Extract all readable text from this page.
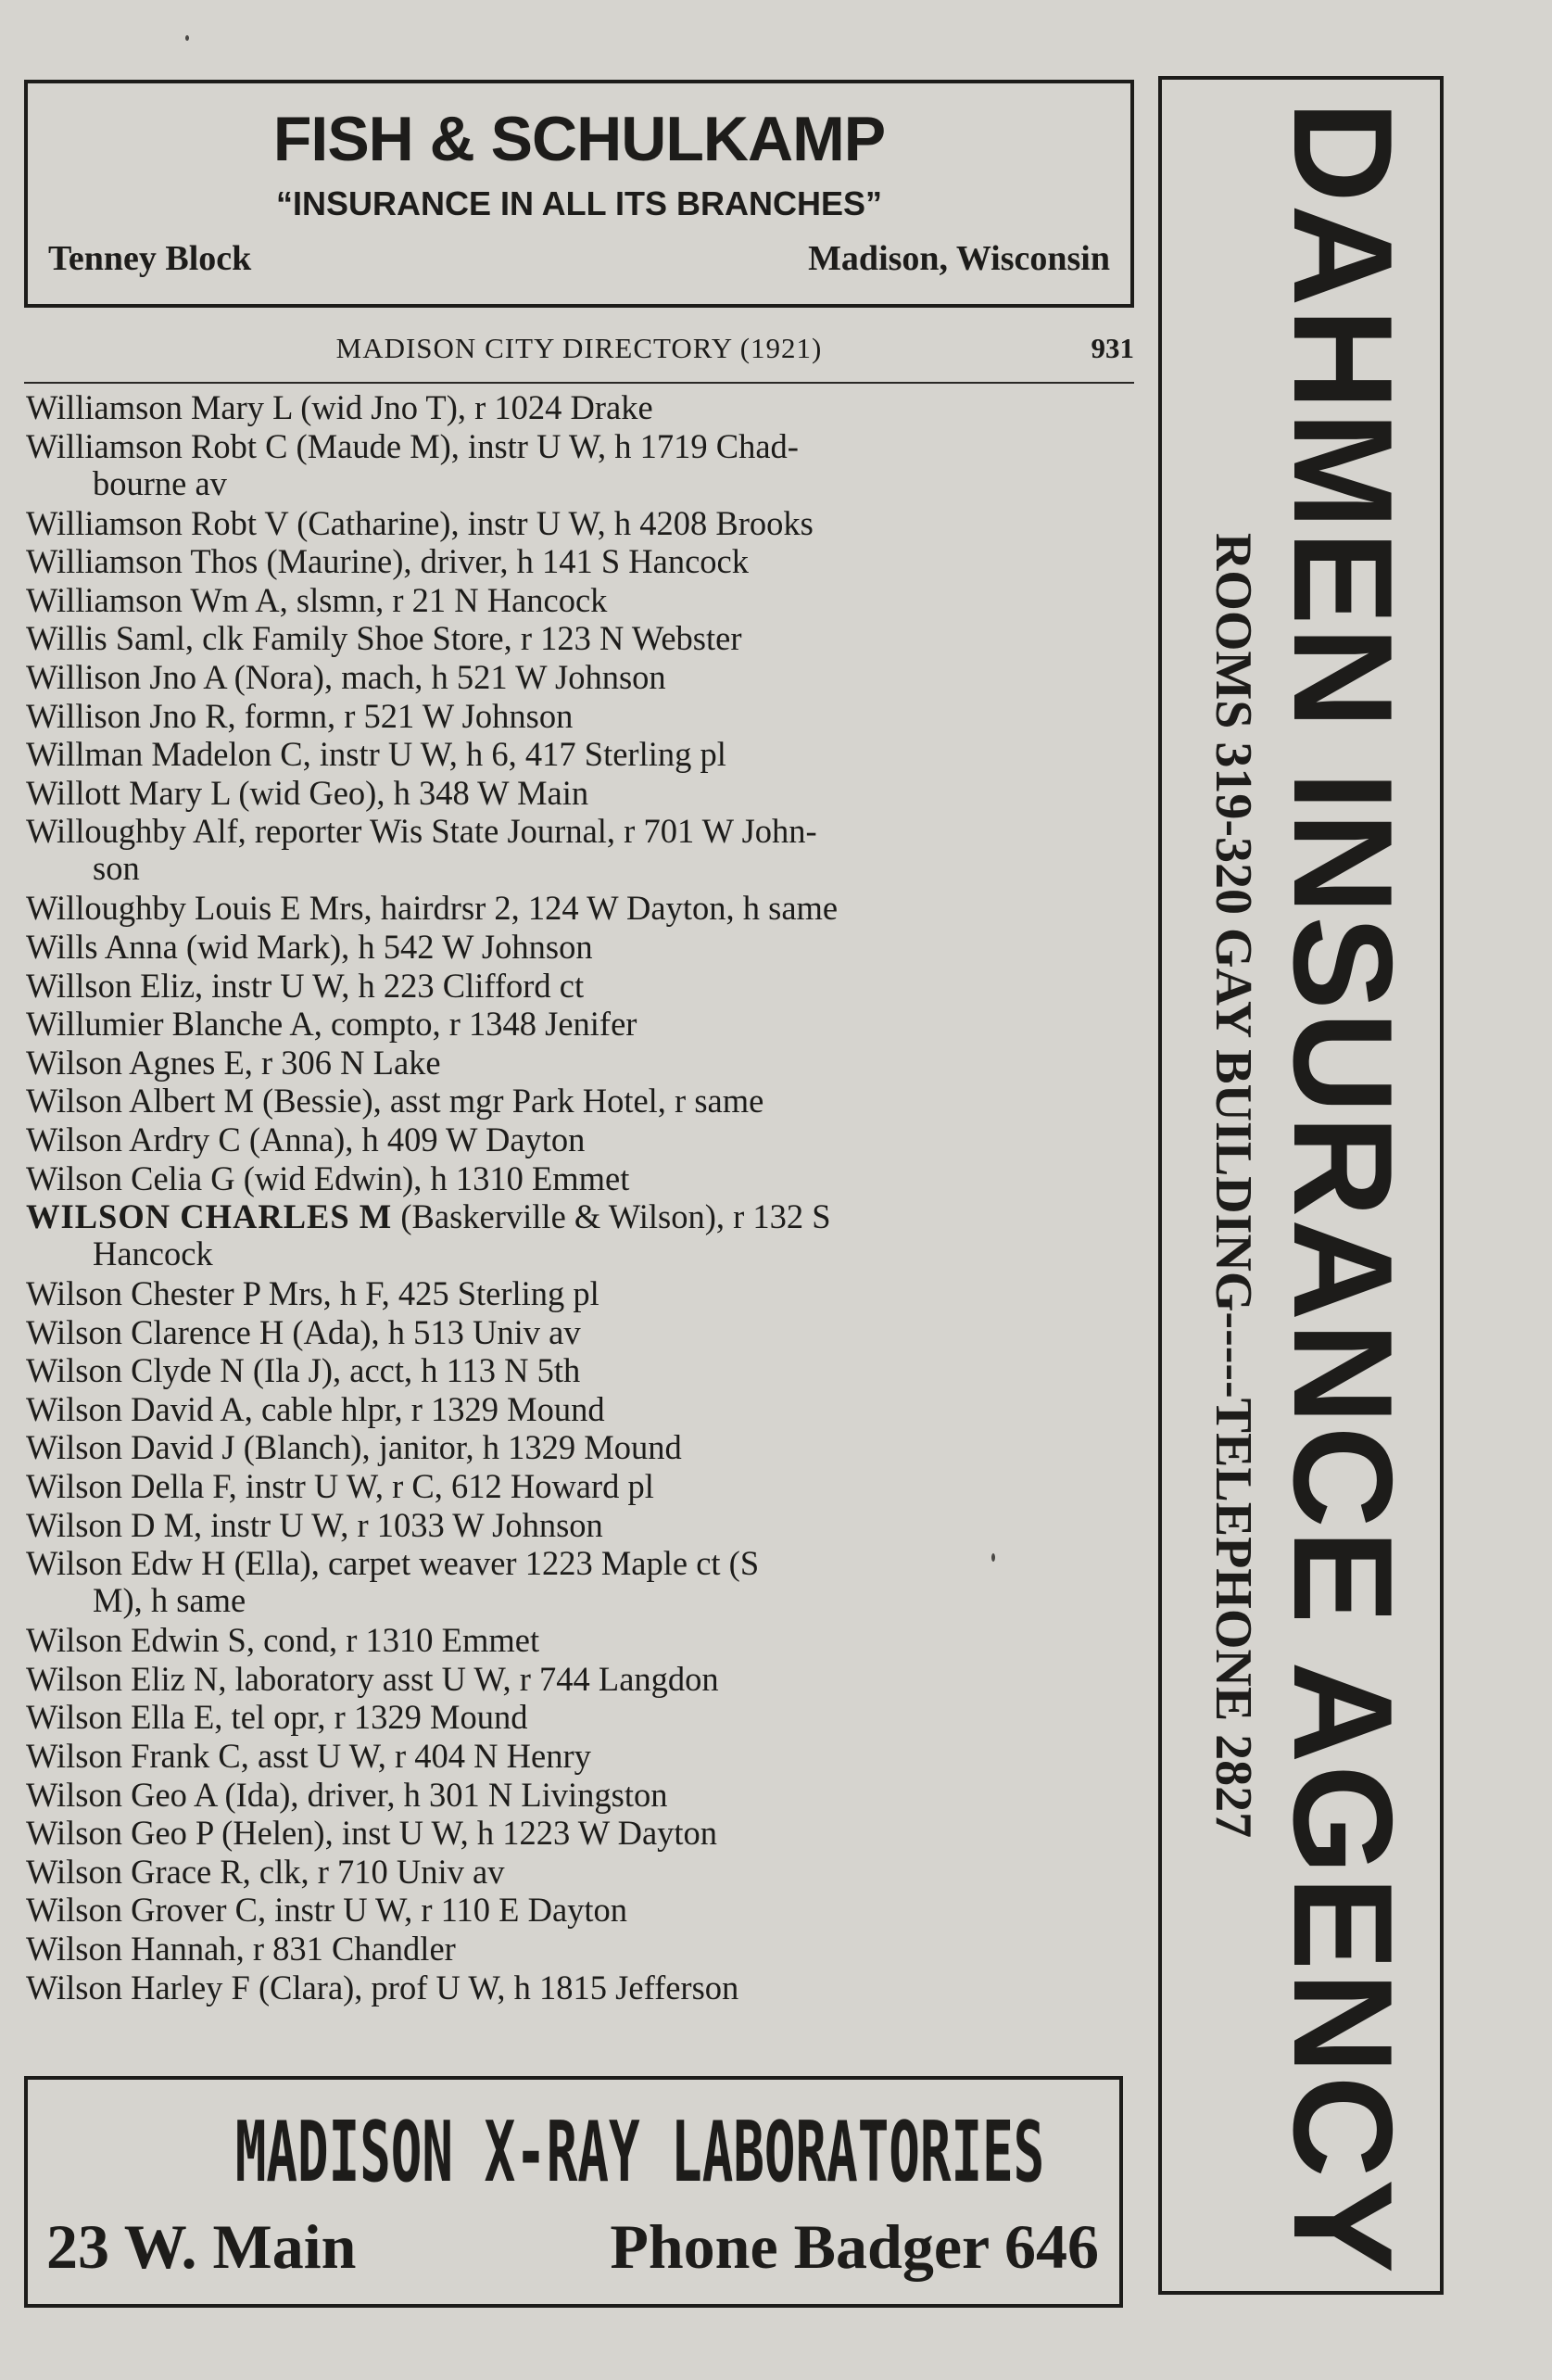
FISH & SCHULKAMP
“INSURANCE IN ALL ITS BRANCHES”
Tenney Block	Madison, Wisconsin
MADISON CITY DIRECTORY (1921)	931
Williamson Mary L (wid Jno T), r 1024 Drake
Williamson Robt C (Maude M), instr U W, h 1719 Chad-
bourne av
Williamson Robt V (Catharine), instr U W, h 4208 Brooks
Williamson Thos (Maurine), driver, h 141 S Hancock
Williamson Wm A, slsmn, r 21 N Hancock
Willis Saml, clk Family Shoe Store, r 123 N Webster
Willison Jno A (Nora), mach, h 521 W Johnson
Willison Jno R, formn, r 521 W Johnson
Willman Madelon C, instr U W, h 6, 417 Sterling pl
Willott Mary L (wid Geo), h 348 W Main
Willoughby Alf, reporter Wis State Journal, r 701 W John-
son
Willoughby Louis E Mrs, hairdrsr 2, 124 W Dayton, h same
Wills Anna (wid Mark), h 542 W Johnson
Willson Eliz, instr U W, h 223 Clifford ct
Willumier Blanche A, compto, r 1348 Jenifer
Wilson Agnes E, r 306 N Lake
Wilson Albert M (Bessie), asst mgr Park Hotel, r same
Wilson Ardry C (Anna), h 409 W Dayton
Wilson Celia G (wid Edwin), h 1310 Emmet
WILSON CHARLES M (Baskerville & Wilson), r 132 S
Hancock
Wilson Chester P Mrs, h F, 425 Sterling pl
Wilson Clarence H (Ada), h 513 Univ av
Wilson Clyde N (Ila J), acct, h 113 N 5th
Wilson David A, cable hlpr, r 1329 Mound
Wilson David J (Blanch), janitor, h 1329 Mound
Wilson Della F, instr U W, r C, 612 Howard pl
Wilson D M, instr U W, r 1033 W Johnson
Wilson Edw H (Ella), carpet weaver 1223 Maple ct (S
M), h same
Wilson Edwin S, cond, r 1310 Emmet
Wilson Eliz N, laboratory asst U W, r 744 Langdon
Wilson Ella E, tel opr, r 1329 Mound
Wilson Frank C, asst U W, r 404 N Henry
Wilson Geo A (Ida), driver, h 301 N Livingston
Wilson Geo P (Helen), inst U W, h 1223 W Dayton
Wilson Grace R, clk, r 710 Univ av
Wilson Grover C, instr U W, r 110 E Dayton
Wilson Hannah, r 831 Chandler
Wilson Harley F (Clara), prof U W, h 1815 Jefferson
MADISON X-RAY LABORATORIES
23 W. Main	Phone Badger 646 DAHMEN INSURANCE AGENCY
ROOMS 319-320 GAY BUILDING-----TELEPHONE 2827
